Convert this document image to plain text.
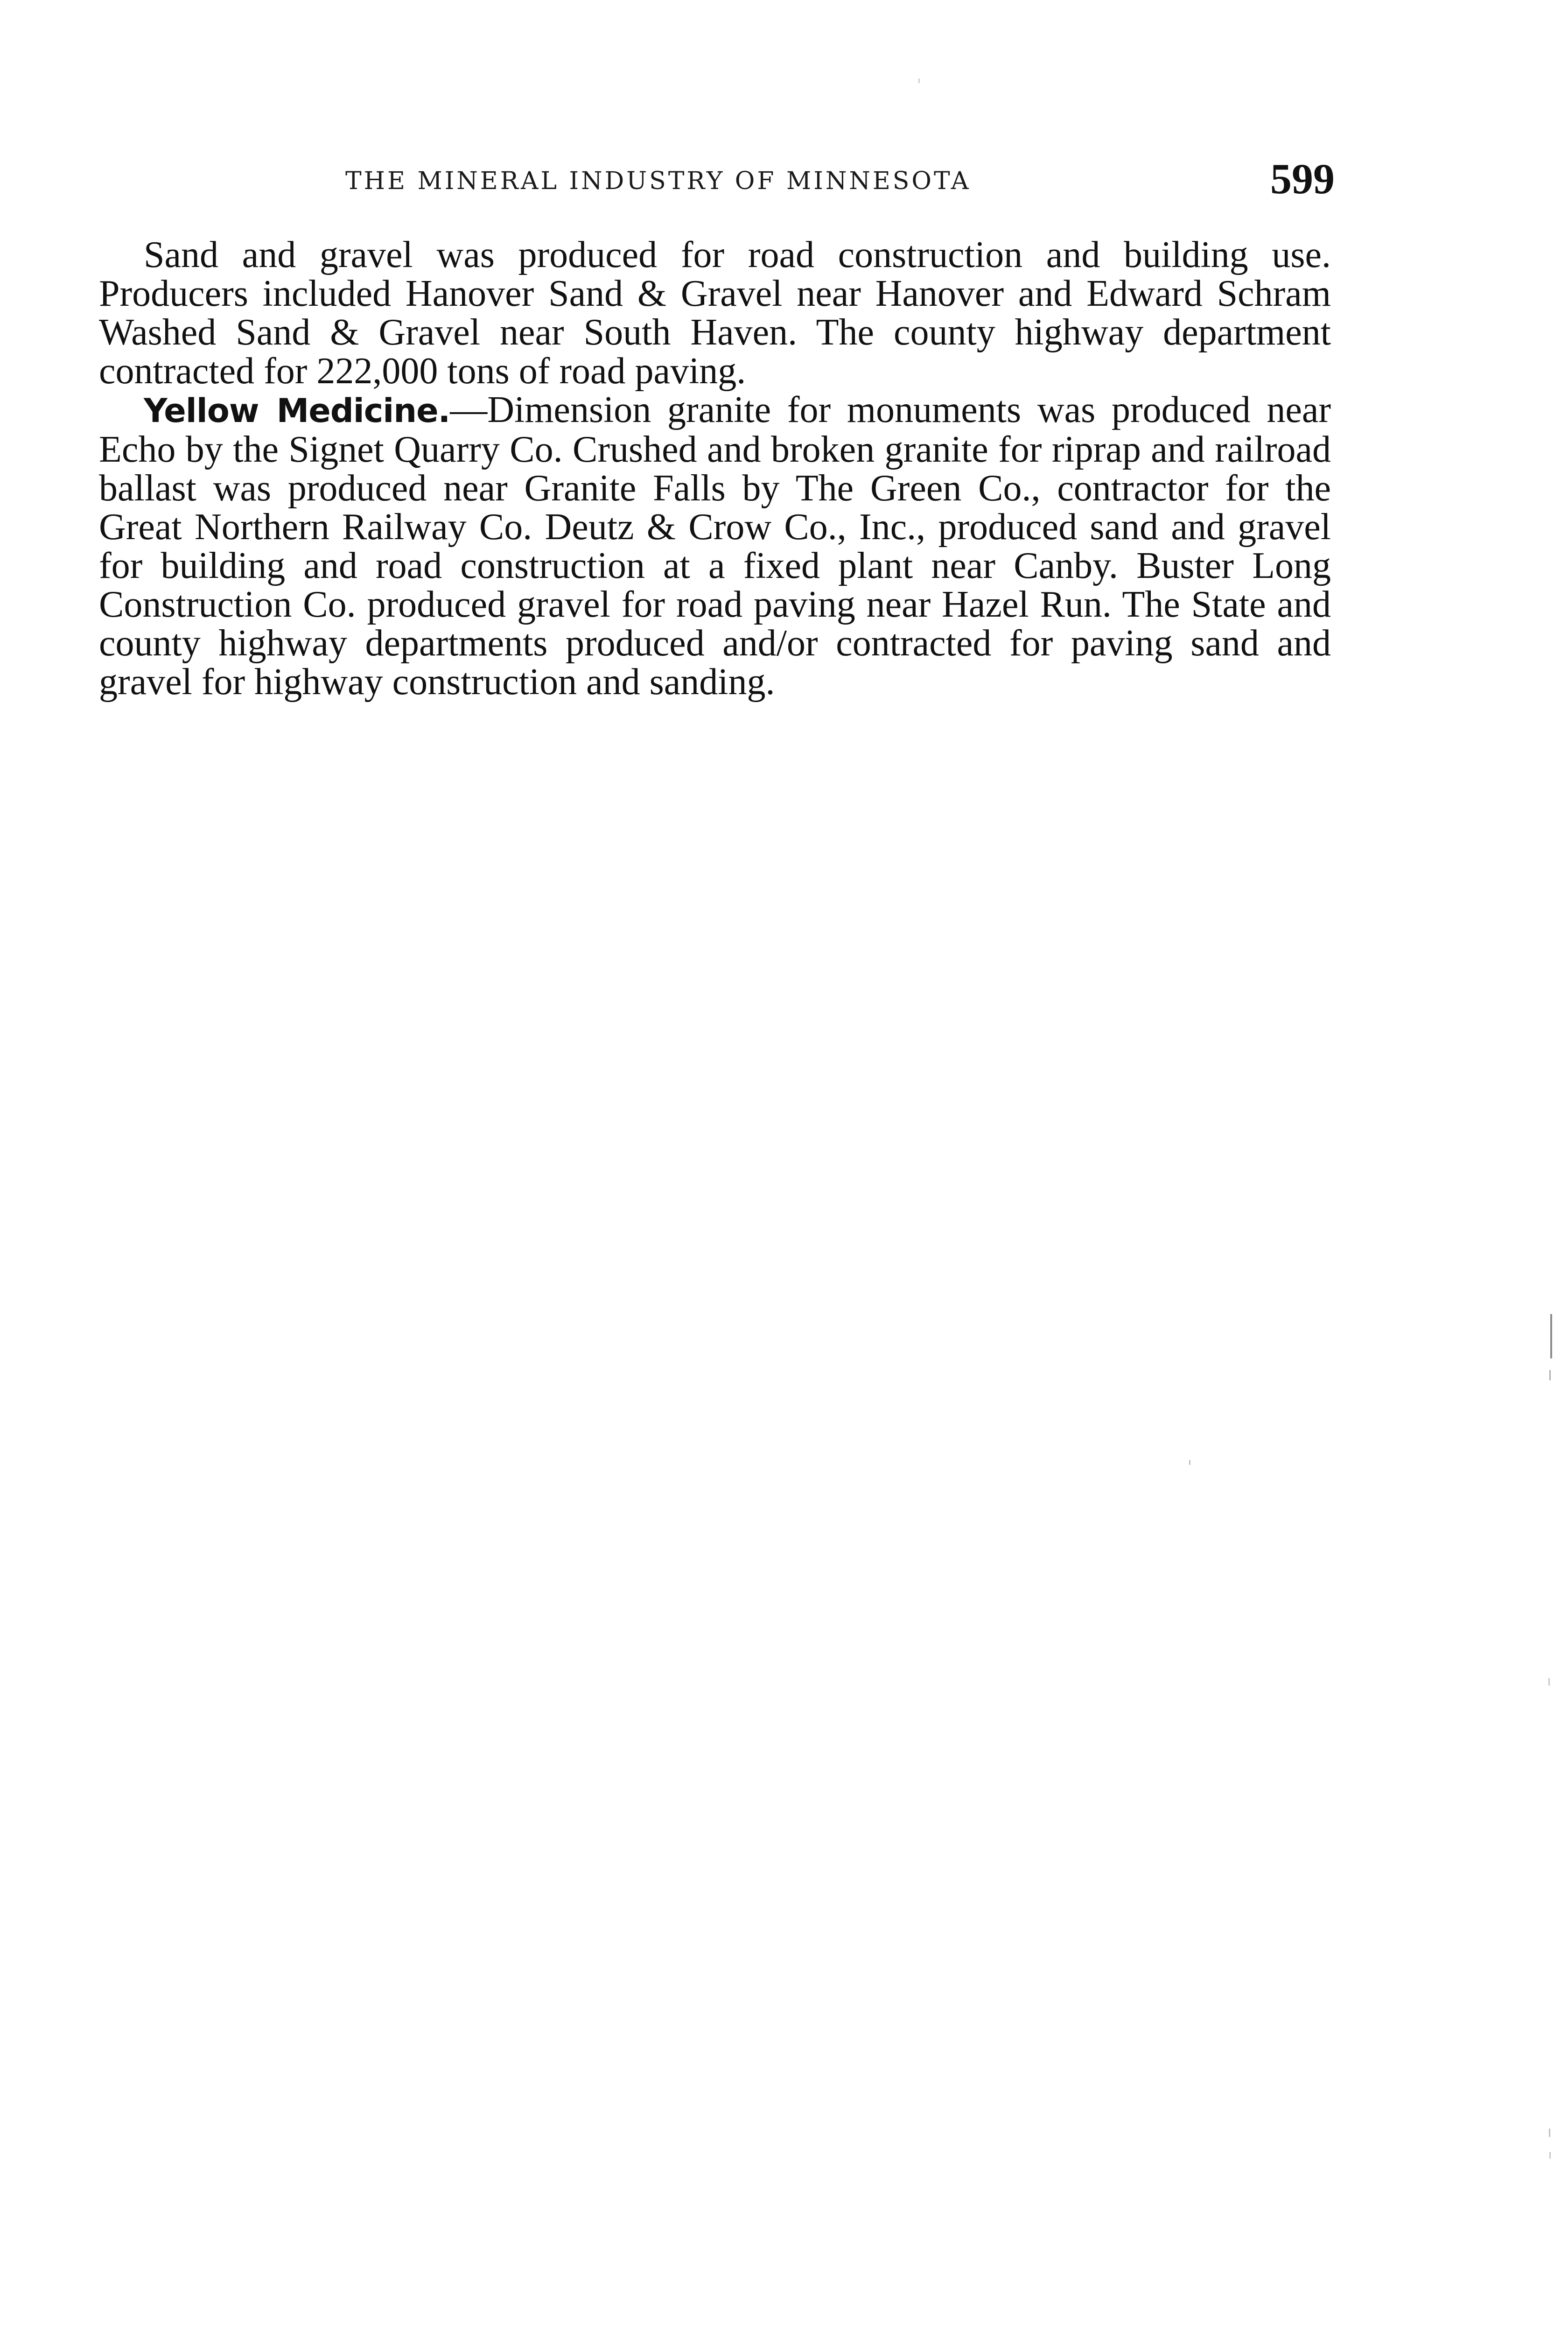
THE MINERAL INDUSTRY OF MINNESOTA	599

Sand and gravel was produced for road construction and building use. Producers included Hanover Sand & Gravel near Hanover and Edward Schram Washed Sand & Gravel near South Haven. The county highway department contracted for 222,000 tons of road paving.

Yellow Medicine.—Dimension granite for monuments was produced near Echo by the Signet Quarry Co. Crushed and broken granite for riprap and railroad ballast was produced near Granite Falls by The Green Co., contractor for the Great Northern Railway Co. Deutz & Crow Co., Inc., produced sand and gravel for building and road construction at a fixed plant near Canby. Buster Long Construction Co. produced gravel for road paving near Hazel Run. The State and county highway departments produced and/or contracted for paving sand and gravel for highway construction and sanding.
